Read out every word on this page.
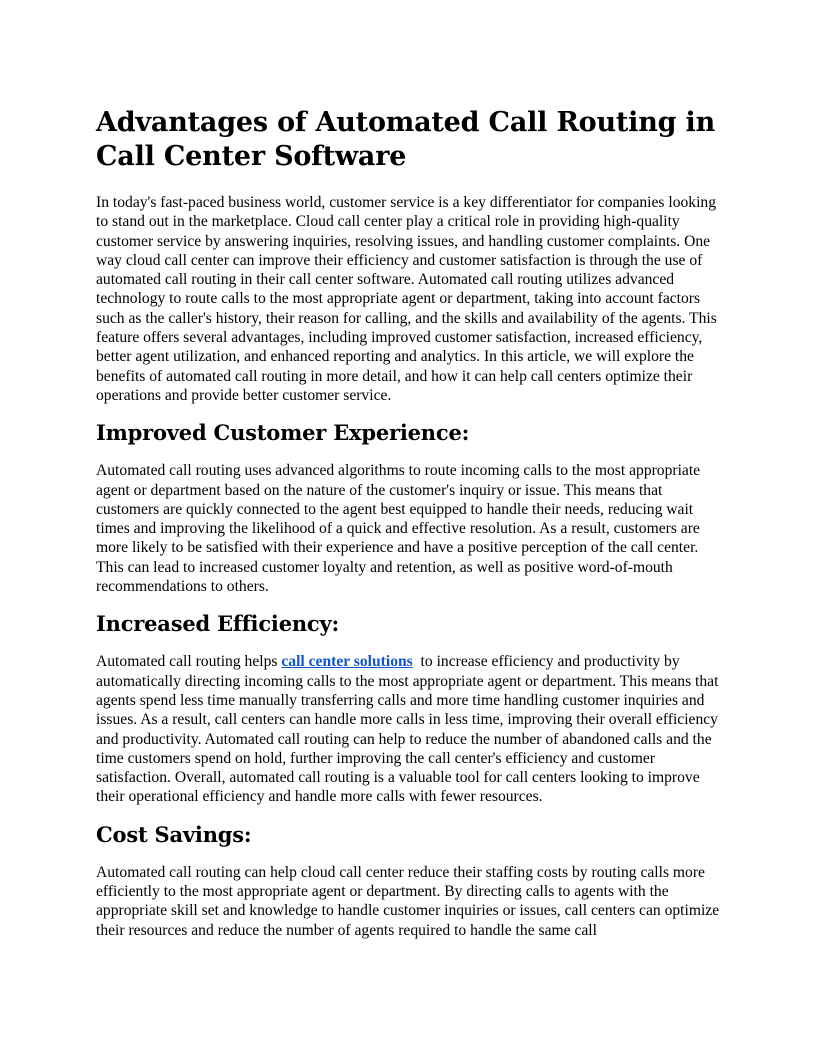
Advantages of Automated Call Routing in Call Center Software

In today's fast-paced business world, customer service is a key differentiator for companies looking to stand out in the marketplace. Cloud call center play a critical role in providing high-quality customer service by answering inquiries, resolving issues, and handling customer complaints. One way cloud call center can improve their efficiency and customer satisfaction is through the use of automated call routing in their call center software. Automated call routing utilizes advanced technology to route calls to the most appropriate agent or department, taking into account factors such as the caller's history, their reason for calling, and the skills and availability of the agents. This feature offers several advantages, including improved customer satisfaction, increased efficiency, better agent utilization, and enhanced reporting and analytics. In this article, we will explore the benefits of automated call routing in more detail, and how it can help call centers optimize their operations and provide better customer service.

Improved Customer Experience:

Automated call routing uses advanced algorithms to route incoming calls to the most appropriate agent or department based on the nature of the customer's inquiry or issue. This means that customers are quickly connected to the agent best equipped to handle their needs, reducing wait times and improving the likelihood of a quick and effective resolution. As a result, customers are more likely to be satisfied with their experience and have a positive perception of the call center. This can lead to increased customer loyalty and retention, as well as positive word-of-mouth recommendations to others.

Increased Efficiency:

Automated call routing helps call center solutions  to increase efficiency and productivity by automatically directing incoming calls to the most appropriate agent or department. This means that agents spend less time manually transferring calls and more time handling customer inquiries and issues. As a result, call centers can handle more calls in less time, improving their overall efficiency and productivity. Automated call routing can help to reduce the number of abandoned calls and the time customers spend on hold, further improving the call center's efficiency and customer satisfaction. Overall, automated call routing is a valuable tool for call centers looking to improve their operational efficiency and handle more calls with fewer resources.

Cost Savings:

Automated call routing can help cloud call center reduce their staffing costs by routing calls more efficiently to the most appropriate agent or department. By directing calls to agents with the appropriate skill set and knowledge to handle customer inquiries or issues, call centers can optimize their resources and reduce the number of agents required to handle the same call
